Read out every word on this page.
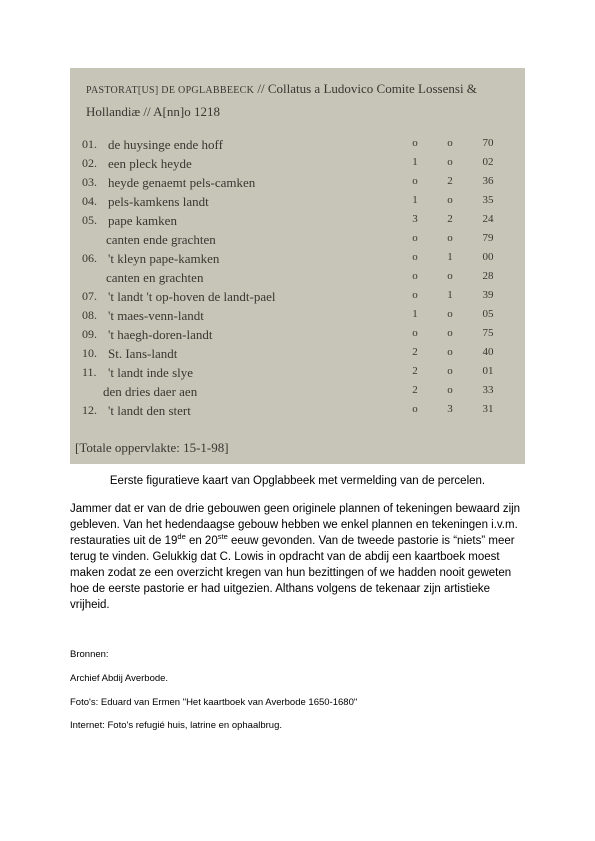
PASTORAT[US] DE OPGLABBEECK // Collatus a Ludovico Comite Lossensi & Hollandiæ // A[nn]o 1218
01. de huysinge ende hoff	o	o	70
02. een pleck heyde	1	o	02
03. heyde genaemt pels-camken	o	2	36
04. pels-kamkens landt	1	o	35
05. pape kamken	3	2	24
canten ende grachten	o	o	79
06. 't kleyn pape-kamken	o	1	00
canten en grachten	o	o	28
07. 't landt 't op-hoven de landt-pael	o	1	39
08. 't maes-venn-landt	1	o	05
09. 't haegh-doren-landt	o	o	75
10. St. Ians-landt	2	o	40
11. 't landt inde slye	2	o	01
den dries daer aen	2	o	33
12. 't landt den stert	o	3	31
[Totale oppervlakte: 15-1-98]
Eerste figuratieve kaart van Opglabbeek met vermelding van de percelen.

Jammer dat er van de drie gebouwen geen originele plannen of tekeningen bewaard zijn gebleven. Van het hedendaagse gebouw hebben we enkel plannen en tekeningen i.v.m. restauraties uit de 19de en 20ste eeuw gevonden. Van de tweede pastorie is “niets” meer terug te vinden. Gelukkig dat C. Lowis in opdracht van de abdij een kaartboek moest maken zodat ze een overzicht kregen van hun bezittingen of we hadden nooit geweten hoe de eerste pastorie er had uitgezien. Althans volgens de tekenaar zijn artistieke vrijheid.

Bronnen:

Archief Abdij Averbode.

Foto's: Eduard van Ermen "Het kaartboek van Averbode 1650-1680"

Internet: Foto's refugié huis, latrine en ophaalbrug.
